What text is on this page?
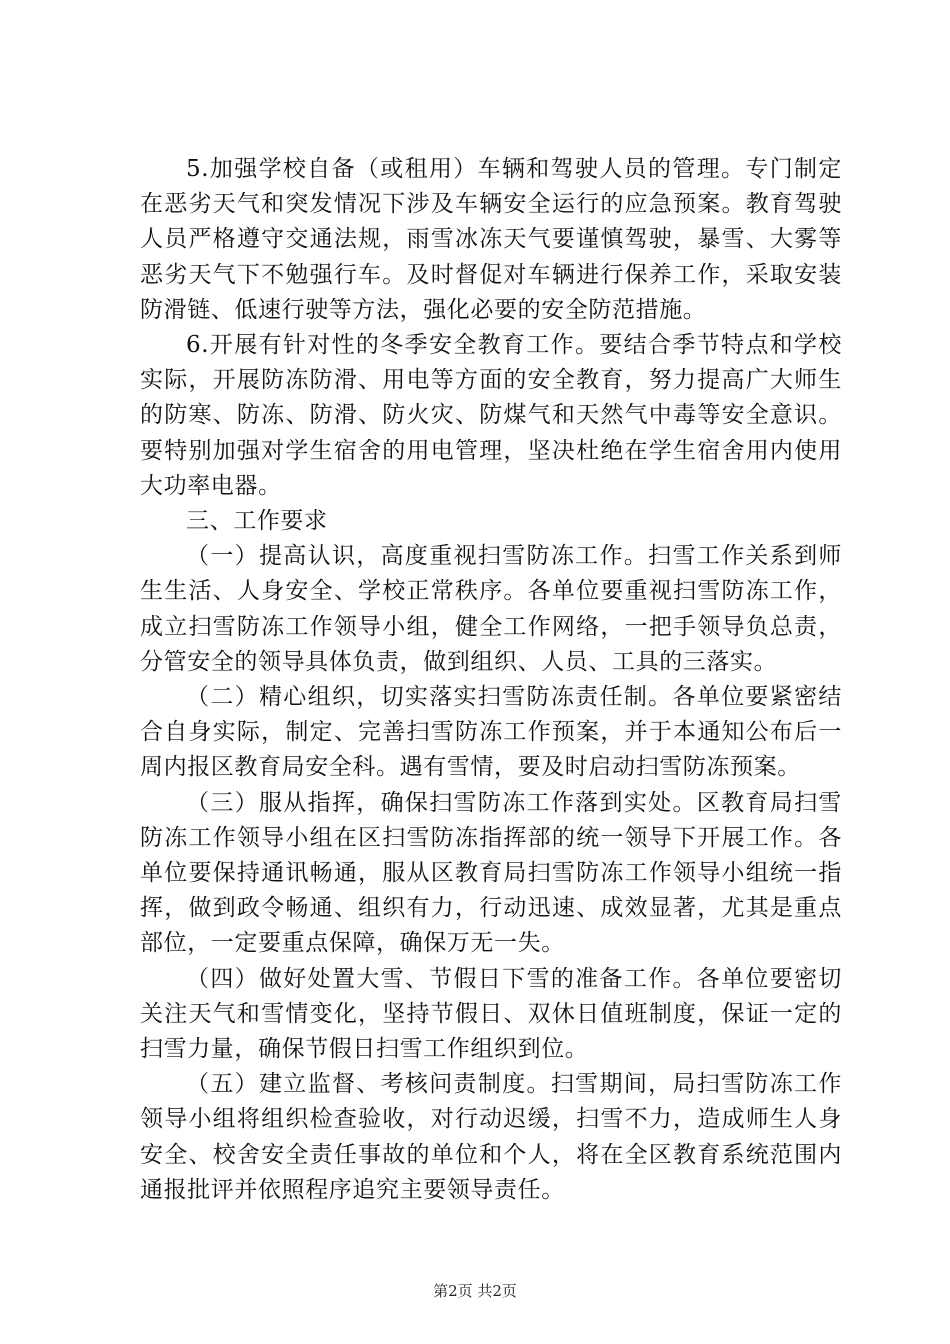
5.加强学校自备（或租用）车辆和驾驶人员的管理。专门制定在恶劣天气和突发情况下涉及车辆安全运行的应急预案。教育驾驶人员严格遵守交通法规，雨雪冰冻天气要谨慎驾驶，暴雪、大雾等恶劣天气下不勉强行车。及时督促对车辆进行保养工作，采取安装防滑链、低速行驶等方法，强化必要的安全防范措施。

6.开展有针对性的冬季安全教育工作。要结合季节特点和学校实际，开展防冻防滑、用电等方面的安全教育，努力提高广大师生的防寒、防冻、防滑、防火灾、防煤气和天然气中毒等安全意识。要特别加强对学生宿舍的用电管理，坚决杜绝在学生宿舍用内使用大功率电器。

三、工作要求

（一）提高认识，高度重视扫雪防冻工作。扫雪工作关系到师生生活、人身安全、学校正常秩序。各单位要重视扫雪防冻工作，成立扫雪防冻工作领导小组，健全工作网络，一把手领导负总责，分管安全的领导具体负责，做到组织、人员、工具的三落实。

（二）精心组织，切实落实扫雪防冻责任制。各单位要紧密结合自身实际，制定、完善扫雪防冻工作预案，并于本通知公布后一周内报区教育局安全科。遇有雪情，要及时启动扫雪防冻预案。

（三）服从指挥，确保扫雪防冻工作落到实处。区教育局扫雪防冻工作领导小组在区扫雪防冻指挥部的统一领导下开展工作。各单位要保持通讯畅通，服从区教育局扫雪防冻工作领导小组统一指挥，做到政令畅通、组织有力，行动迅速、成效显著，尤其是重点部位，一定要重点保障，确保万无一失。

（四）做好处置大雪、节假日下雪的准备工作。各单位要密切关注天气和雪情变化，坚持节假日、双休日值班制度，保证一定的扫雪力量，确保节假日扫雪工作组织到位。

（五）建立监督、考核问责制度。扫雪期间，局扫雪防冻工作领导小组将组织检查验收，对行动迟缓，扫雪不力，造成师生人身安全、校舍安全责任事故的单位和个人，将在全区教育系统范围内通报批评并依照程序追究主要领导责任。

第2页 共2页
